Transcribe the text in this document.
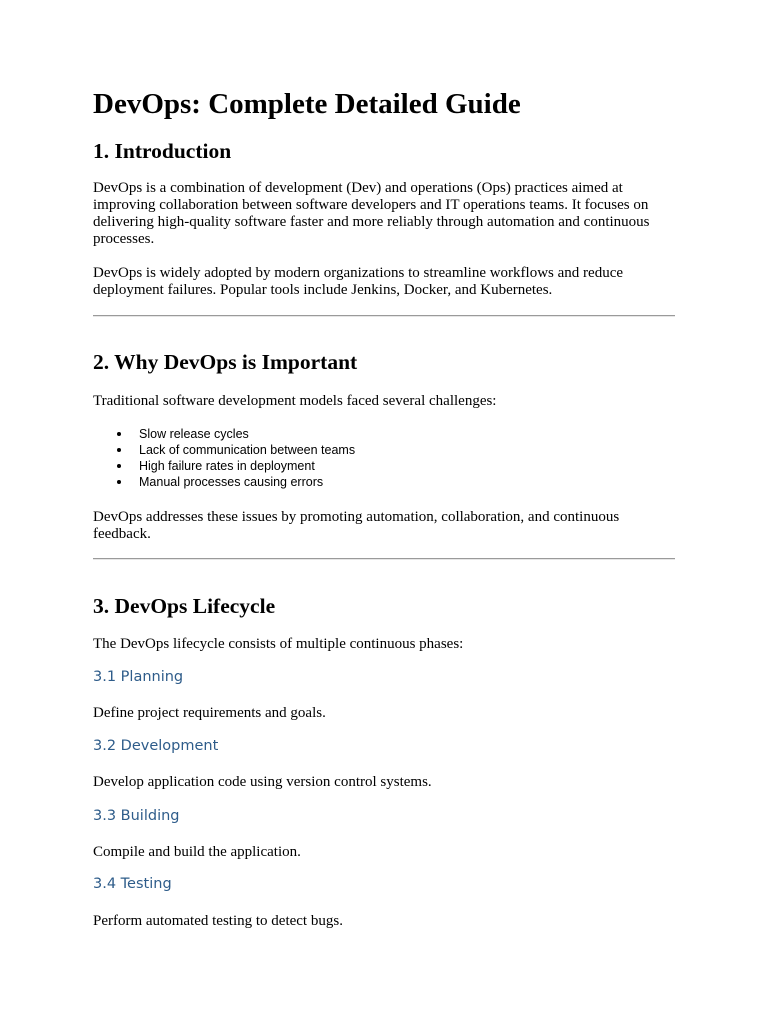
DevOps: Complete Detailed Guide
1. Introduction

DevOps is a combination of development (Dev) and operations (Ops) practices aimed at improving collaboration between software developers and IT operations teams. It focuses on delivering high-quality software faster and more reliably through automation and continuous processes.

DevOps is widely adopted by modern organizations to streamline workflows and reduce deployment failures. Popular tools include Jenkins, Docker, and Kubernetes.

2. Why DevOps is Important

Traditional software development models faced several challenges:

Slow release cycles
Lack of communication between teams
High failure rates in deployment
Manual processes causing errors

DevOps addresses these issues by promoting automation, collaboration, and continuous feedback.

3. DevOps Lifecycle

The DevOps lifecycle consists of multiple continuous phases:

3.1 Planning

Define project requirements and goals.

3.2 Development

Develop application code using version control systems.

3.3 Building

Compile and build the application.

3.4 Testing

Perform automated testing to detect bugs.
